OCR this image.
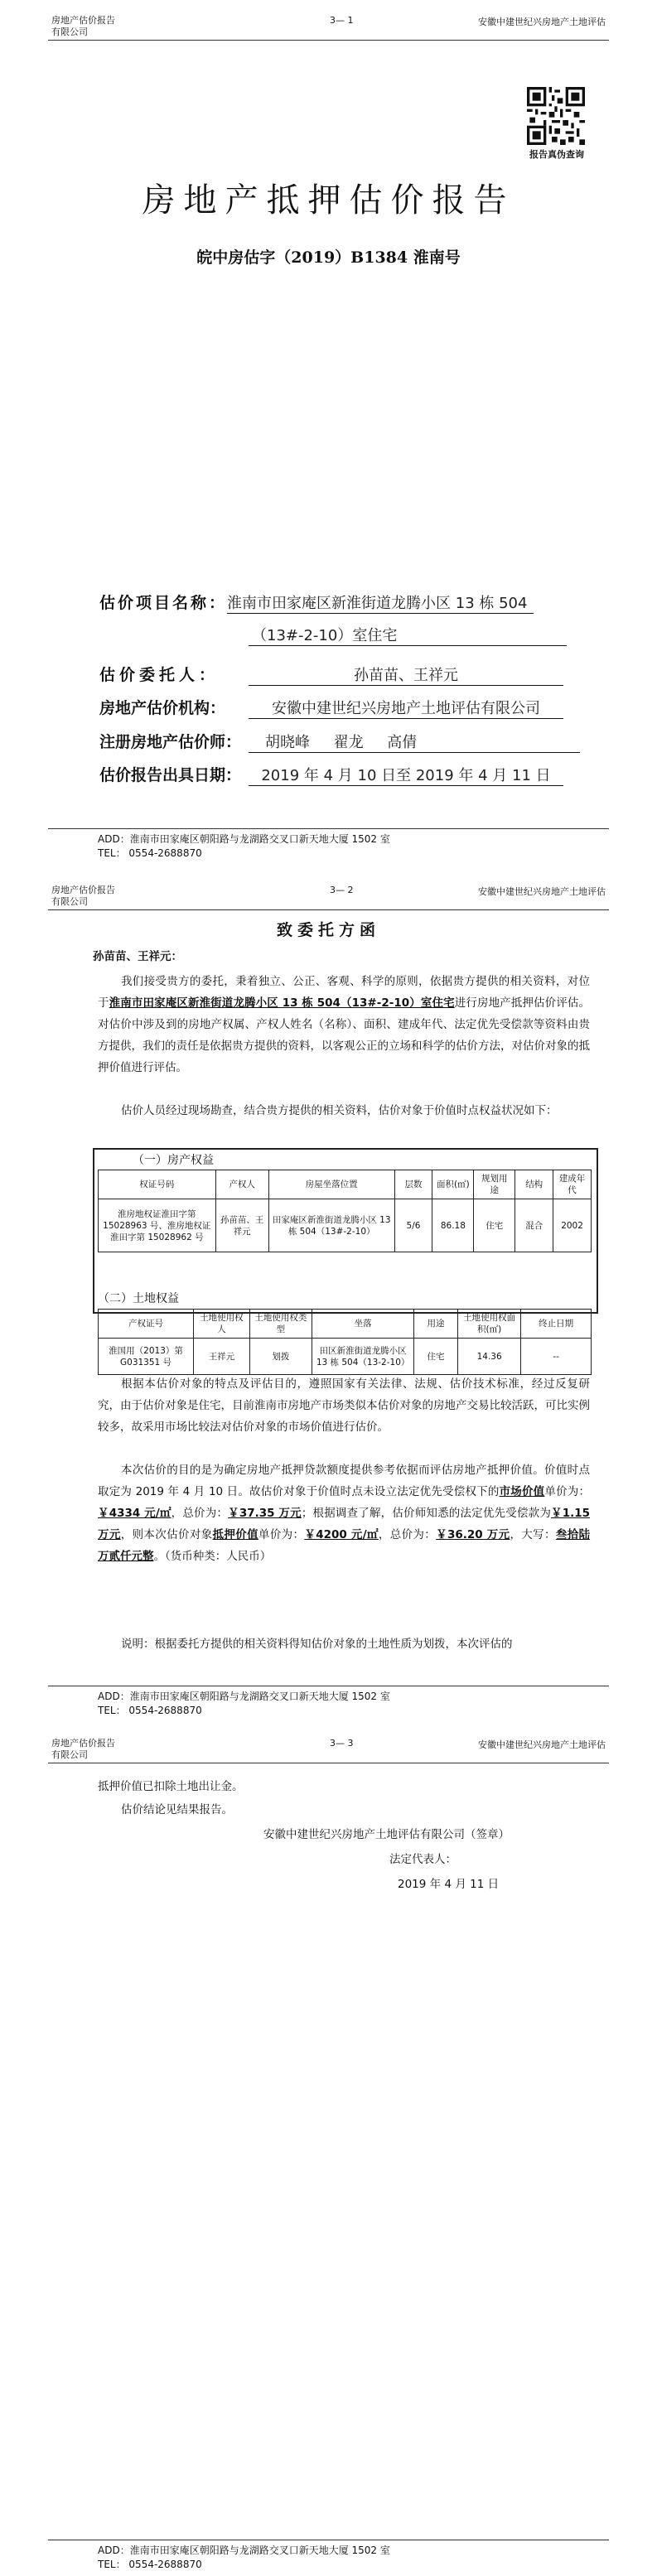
房地产估价报告
有限公司
3— 1	安徽中建世纪兴房地产土地评估
报告真伪查询
房地产抵押估价报告
皖中房估字（2019）B1384 淮南号
估价项目名称：淮南市田家庵区新淮街道龙腾小区 13 栋 504
（13#-2-10）室住宅
估价委托人：	孙苗苗、王祥元
房地产估价机构：	安徽中建世纪兴房地产土地评估有限公司
注册房地产估价师： 胡晓峰     翟龙     高倩
估价报告出具日期： 2019 年 4 月 10 日至 2019 年 4 月 11 日
ADD：淮南市田家庵区朝阳路与龙湖路交叉口新天地大厦 1502 室
TEL： 0554-2688870
房地产估价报告
有限公司
3— 2	安徽中建世纪兴房地产土地评估
致委托方函
孙苗苗、王祥元：
我们接受贵方的委托，秉着独立、公正、客观、科学的原则，依据贵方提供的相关资料，对位于淮南市田家庵区新淮街道龙腾小区 13 栋 504（13#-2-10）室住宅进行房地产抵押估价评估。对估价中涉及到的房地产权属、产权人姓名（名称）、面积、建成年代、法定优先受偿款等资料由贵方提供，我们的责任是依据贵方提供的资料，以客观公正的立场和科学的估价方法，对估价对象的抵押价值进行评估。
估价人员经过现场勘查，结合贵方提供的相关资料，估价对象于价值时点权益状况如下：
（一）房产权益
权证号码	产权人	房屋坐落位置	层数	面积(㎡)	规划用途	结构	建成年代
淮房地权证淮田字第 15028963 号、淮房地权证淮田字第 15028962 号	孙苗苗、王祥元	田家庵区新淮街道龙腾小区 13 栋 504（13#-2-10）	5/6	86.18	住宅	混合	2002
（二）土地权益
产权证号	土地使用权人	土地使用权类型	坐落	用途	土地使用权面积(㎡)	终止日期
淮国用（2013）第 G031351 号	王祥元	划拨	田区新淮街道龙腾小区 13 栋 504（13-2-10）	住宅	14.36	--
根据本估价对象的特点及评估目的，遵照国家有关法律、法规、估价技术标准，经过反复研究，由于估价对象是住宅，目前淮南市房地产市场类似本估价对象的房地产交易比较活跃，可比实例较多，故采用市场比较法对估价对象的市场价值进行估价。
本次估价的目的是为确定房地产抵押贷款额度提供参考依据而评估房地产抵押价值。价值时点取定为 2019 年 4 月 10 日。故估价对象于价值时点未设立法定优先受偿权下的市场价值单价为：￥4334 元/㎡，总价为：￥37.35 万元；根据调查了解，估价师知悉的法定优先受偿款为￥1.15 万元，则本次估价对象抵押价值单价为：￥4200 元/㎡，总价为：￥36.20 万元，大写：叁拾陆万贰仟元整。（货币种类：人民币）
说明：根据委托方提供的相关资料得知估价对象的土地性质为划拨，本次评估的
ADD：淮南市田家庵区朝阳路与龙湖路交叉口新天地大厦 1502 室
TEL： 0554-2688870
房地产估价报告
有限公司
3— 3	安徽中建世纪兴房地产土地评估
抵押价值已扣除土地出让金。
估价结论见结果报告。
安徽中建世纪兴房地产土地评估有限公司（签章）
法定代表人：
2019 年 4 月 11 日
ADD：淮南市田家庵区朝阳路与龙湖路交叉口新天地大厦 1502 室
TEL： 0554-2688870
